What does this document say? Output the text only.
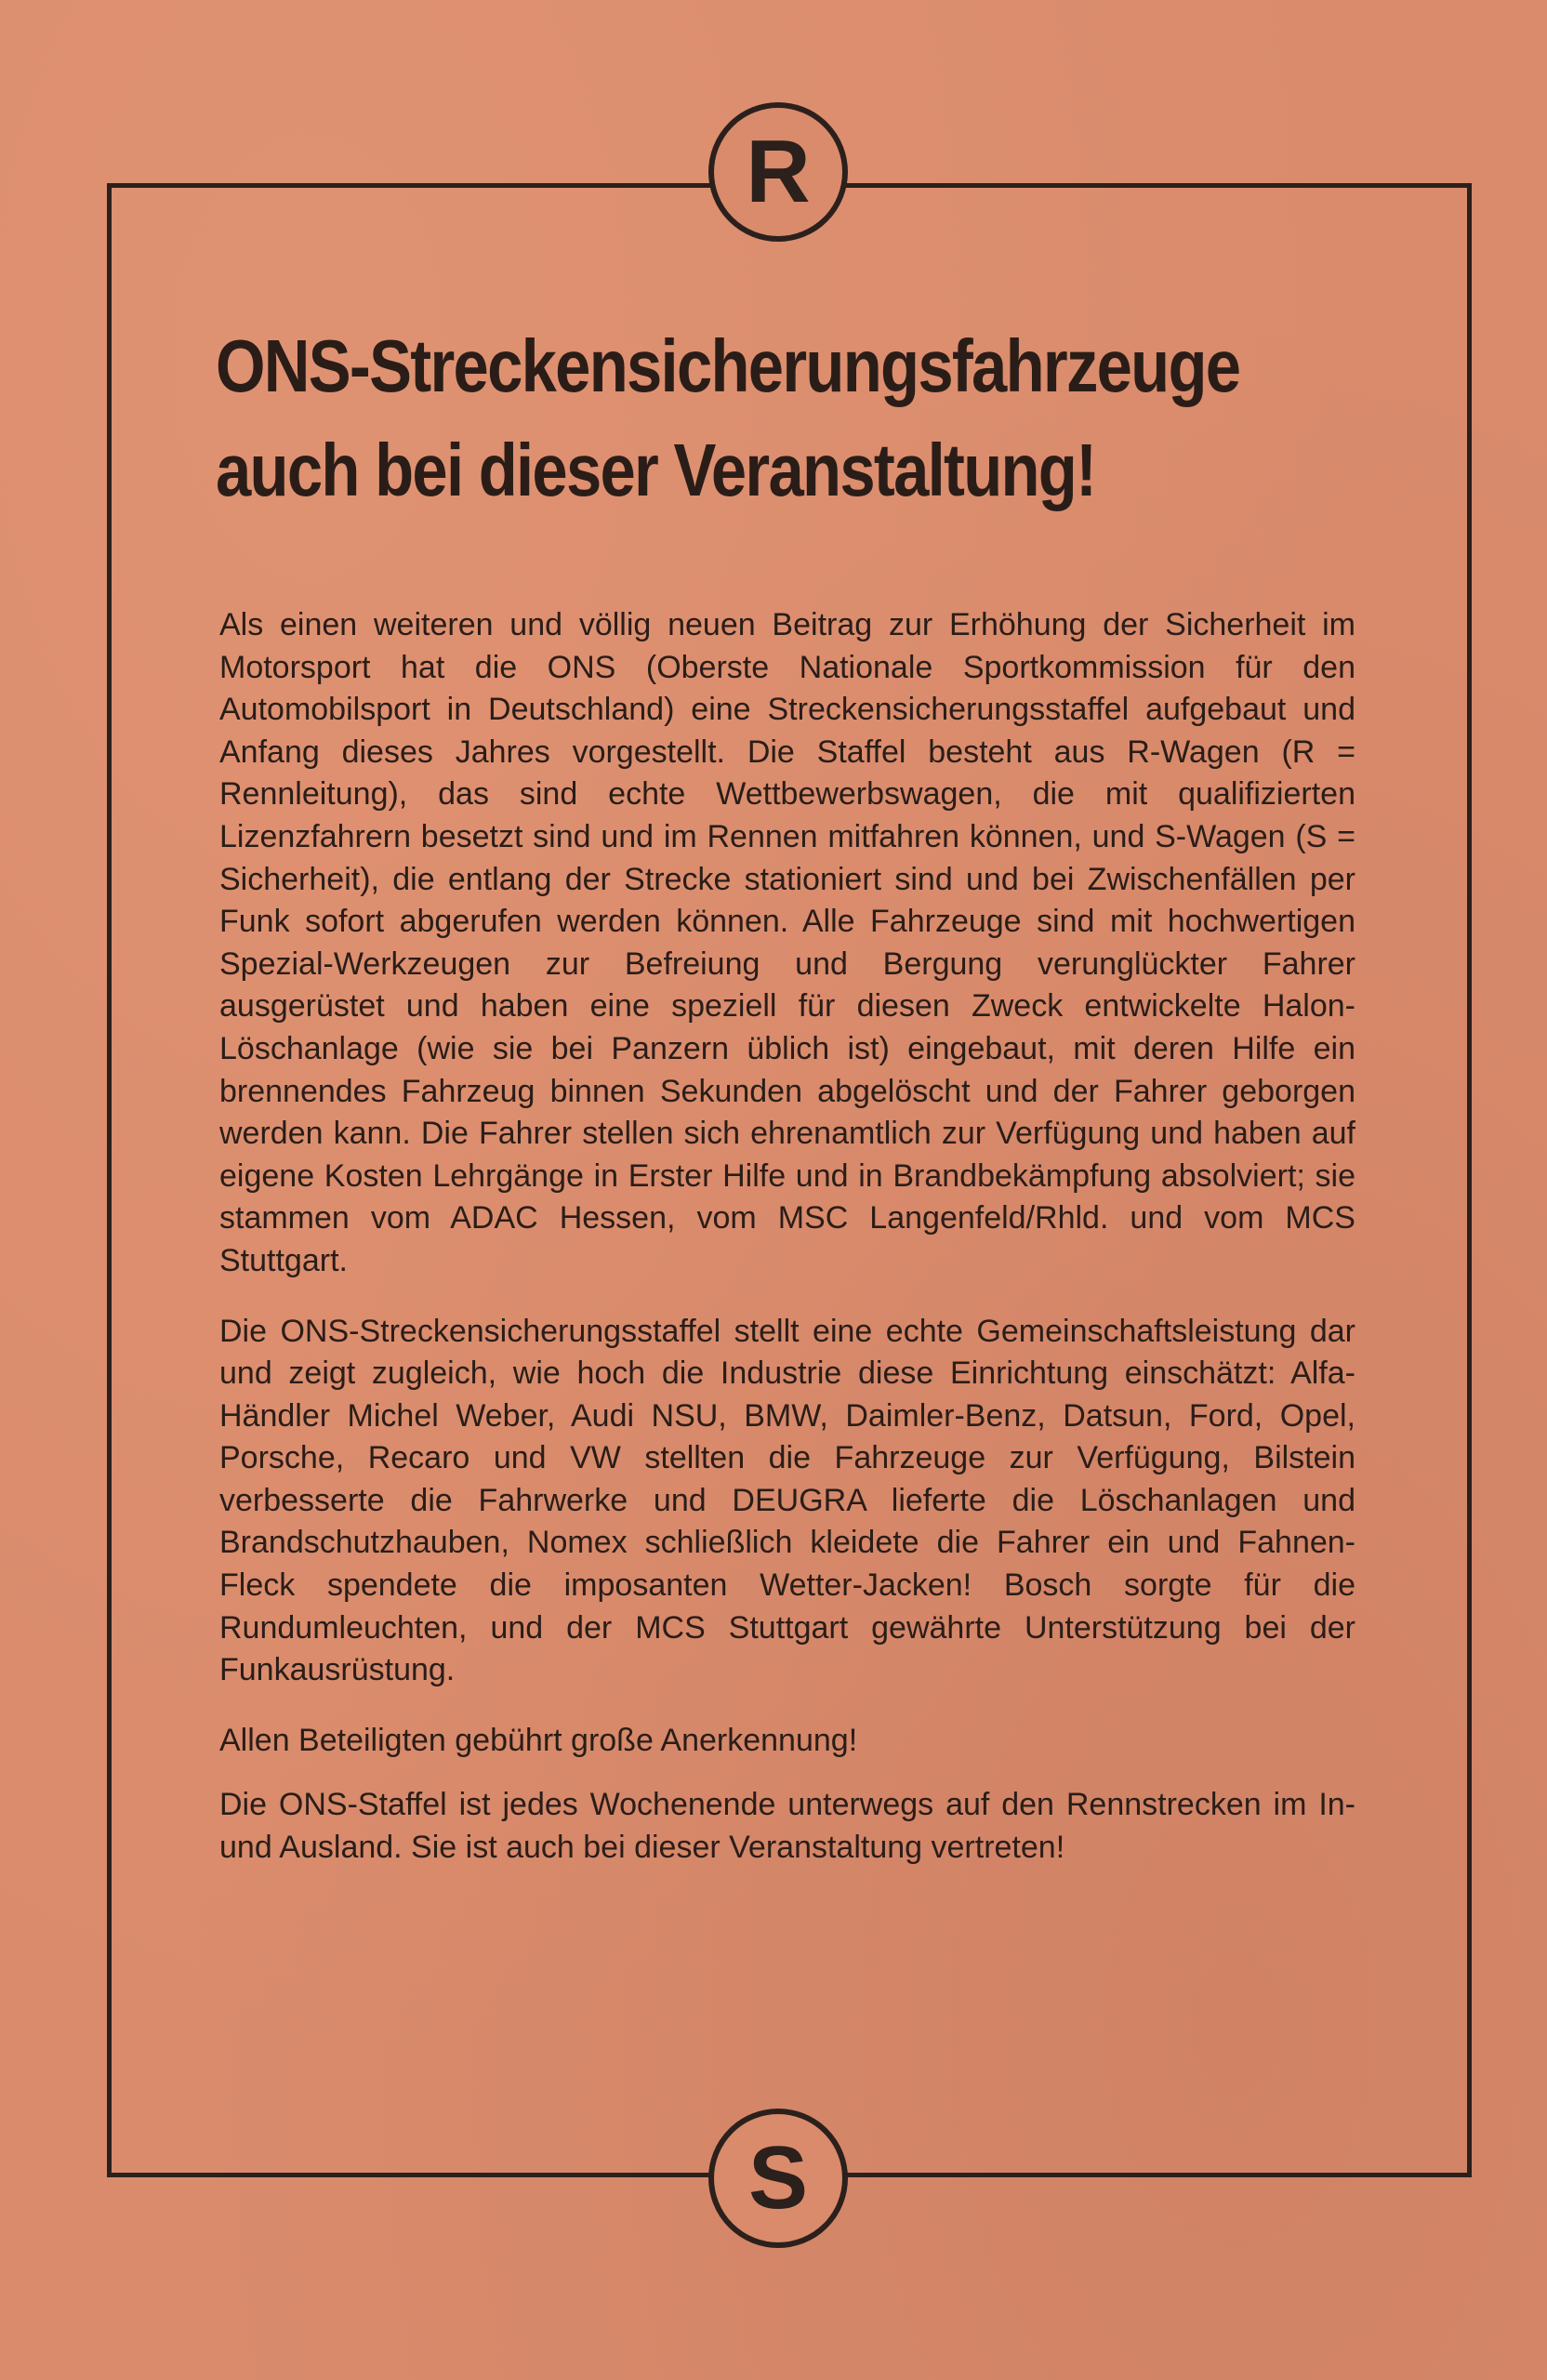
R
ONS-Streckensicherungsfahrzeuge
auch bei dieser Veranstaltung!

Als einen weiteren und völlig neuen Beitrag zur Erhöhung der Sicherheit im Motorsport hat die ONS (Oberste Nationale Sportkommission für den Automobilsport in Deutschland) eine Streckensicherungsstaffel aufgebaut und Anfang dieses Jahres vorgestellt. Die Staffel besteht aus R-Wagen (R = Rennleitung), das sind echte Wettbewerbswagen, die mit qualifizierten Lizenzfahrern besetzt sind und im Rennen mitfahren können, und S-Wagen (S = Sicherheit), die entlang der Strecke stationiert sind und bei Zwischenfällen per Funk sofort abgerufen werden können. Alle Fahrzeuge sind mit hochwertigen Spezial-Werkzeugen zur Befreiung und Bergung verunglückter Fahrer ausgerüstet und haben eine speziell für diesen Zweck entwickelte Halon-Löschanlage (wie sie bei Panzern üblich ist) eingebaut, mit deren Hilfe ein brennendes Fahrzeug binnen Sekunden abgelöscht und der Fahrer geborgen werden kann. Die Fahrer stellen sich ehrenamtlich zur Verfügung und haben auf eigene Kosten Lehrgänge in Erster Hilfe und in Brandbekämpfung absolviert; sie stammen vom ADAC Hessen, vom MSC Langenfeld/Rhld. und vom MCS Stuttgart.

Die ONS-Streckensicherungsstaffel stellt eine echte Gemeinschaftsleistung dar und zeigt zugleich, wie hoch die Industrie diese Einrichtung einschätzt: Alfa-Händler Michel Weber, Audi NSU, BMW, Daimler-Benz, Datsun, Ford, Opel, Porsche, Recaro und VW stellten die Fahrzeuge zur Verfügung, Bilstein verbesserte die Fahrwerke und DEUGRA lieferte die Löschanlagen und Brandschutzhauben, Nomex schließlich kleidete die Fahrer ein und Fahnen-Fleck spendete die imposanten Wetter-Jacken! Bosch sorgte für die Rundumleuchten, und der MCS Stuttgart gewährte Unterstützung bei der Funkausrüstung.

Allen Beteiligten gebührt große Anerkennung!

Die ONS-Staffel ist jedes Wochenende unterwegs auf den Rennstrecken im In- und Ausland. Sie ist auch bei dieser Veranstaltung vertreten!

S
